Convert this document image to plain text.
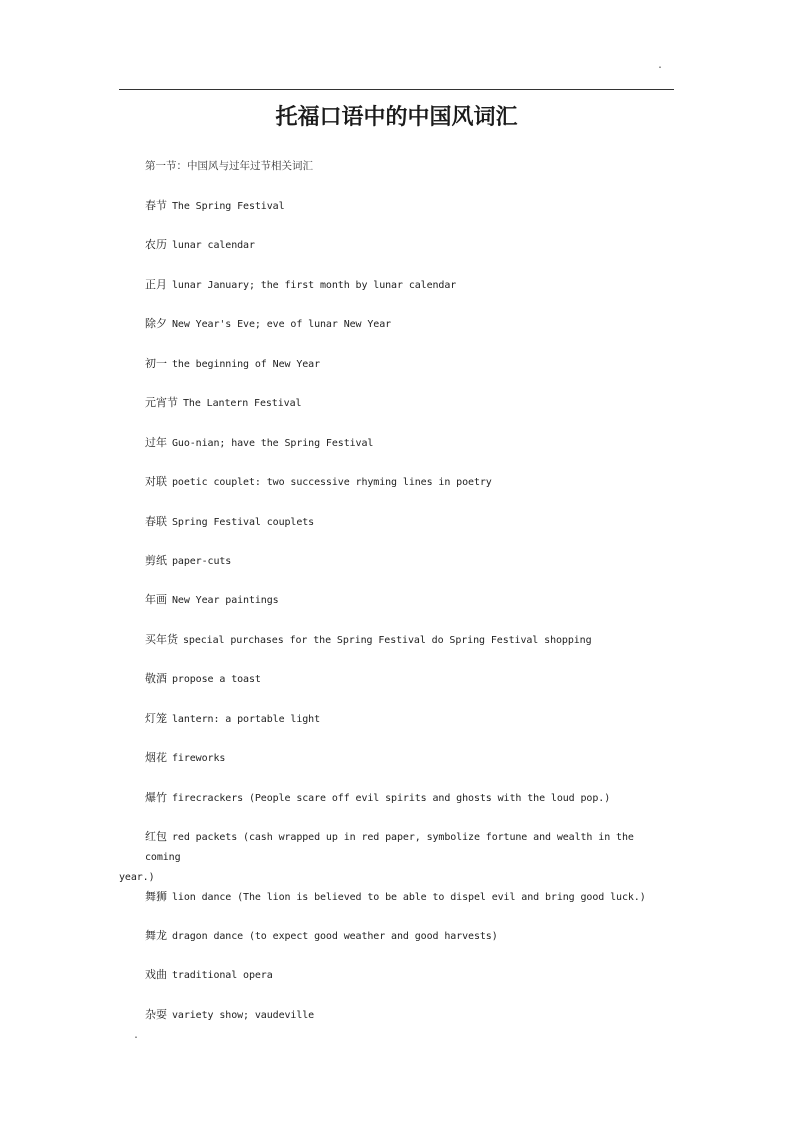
.
托福口语中的中国风词汇

第一节：中国风与过年过节相关词汇

春节 The Spring Festival

农历 lunar calendar

正月 lunar January; the first month by lunar calendar

除夕 New Year's Eve; eve of lunar New Year

初一 the beginning of New Year

元宵节 The Lantern Festival

过年 Guo-nian; have the Spring Festival

对联 poetic couplet: two successive rhyming lines in poetry

春联 Spring Festival couplets

剪纸 paper-cuts

年画 New Year paintings

买年货 special purchases for the Spring Festival do Spring Festival shopping

敬酒 propose a toast

灯笼 lantern: a portable light

烟花 fireworks

爆竹 firecrackers (People scare off evil spirits and ghosts with the loud pop.)

红包 red packets (cash wrapped up in red paper, symbolize fortune and wealth in the coming
year.)

舞狮 lion dance (The lion is believed to be able to dispel evil and bring good luck.)

舞龙 dragon dance (to expect good weather and good harvests)

戏曲 traditional opera

杂耍 variety show; vaudeville

.
